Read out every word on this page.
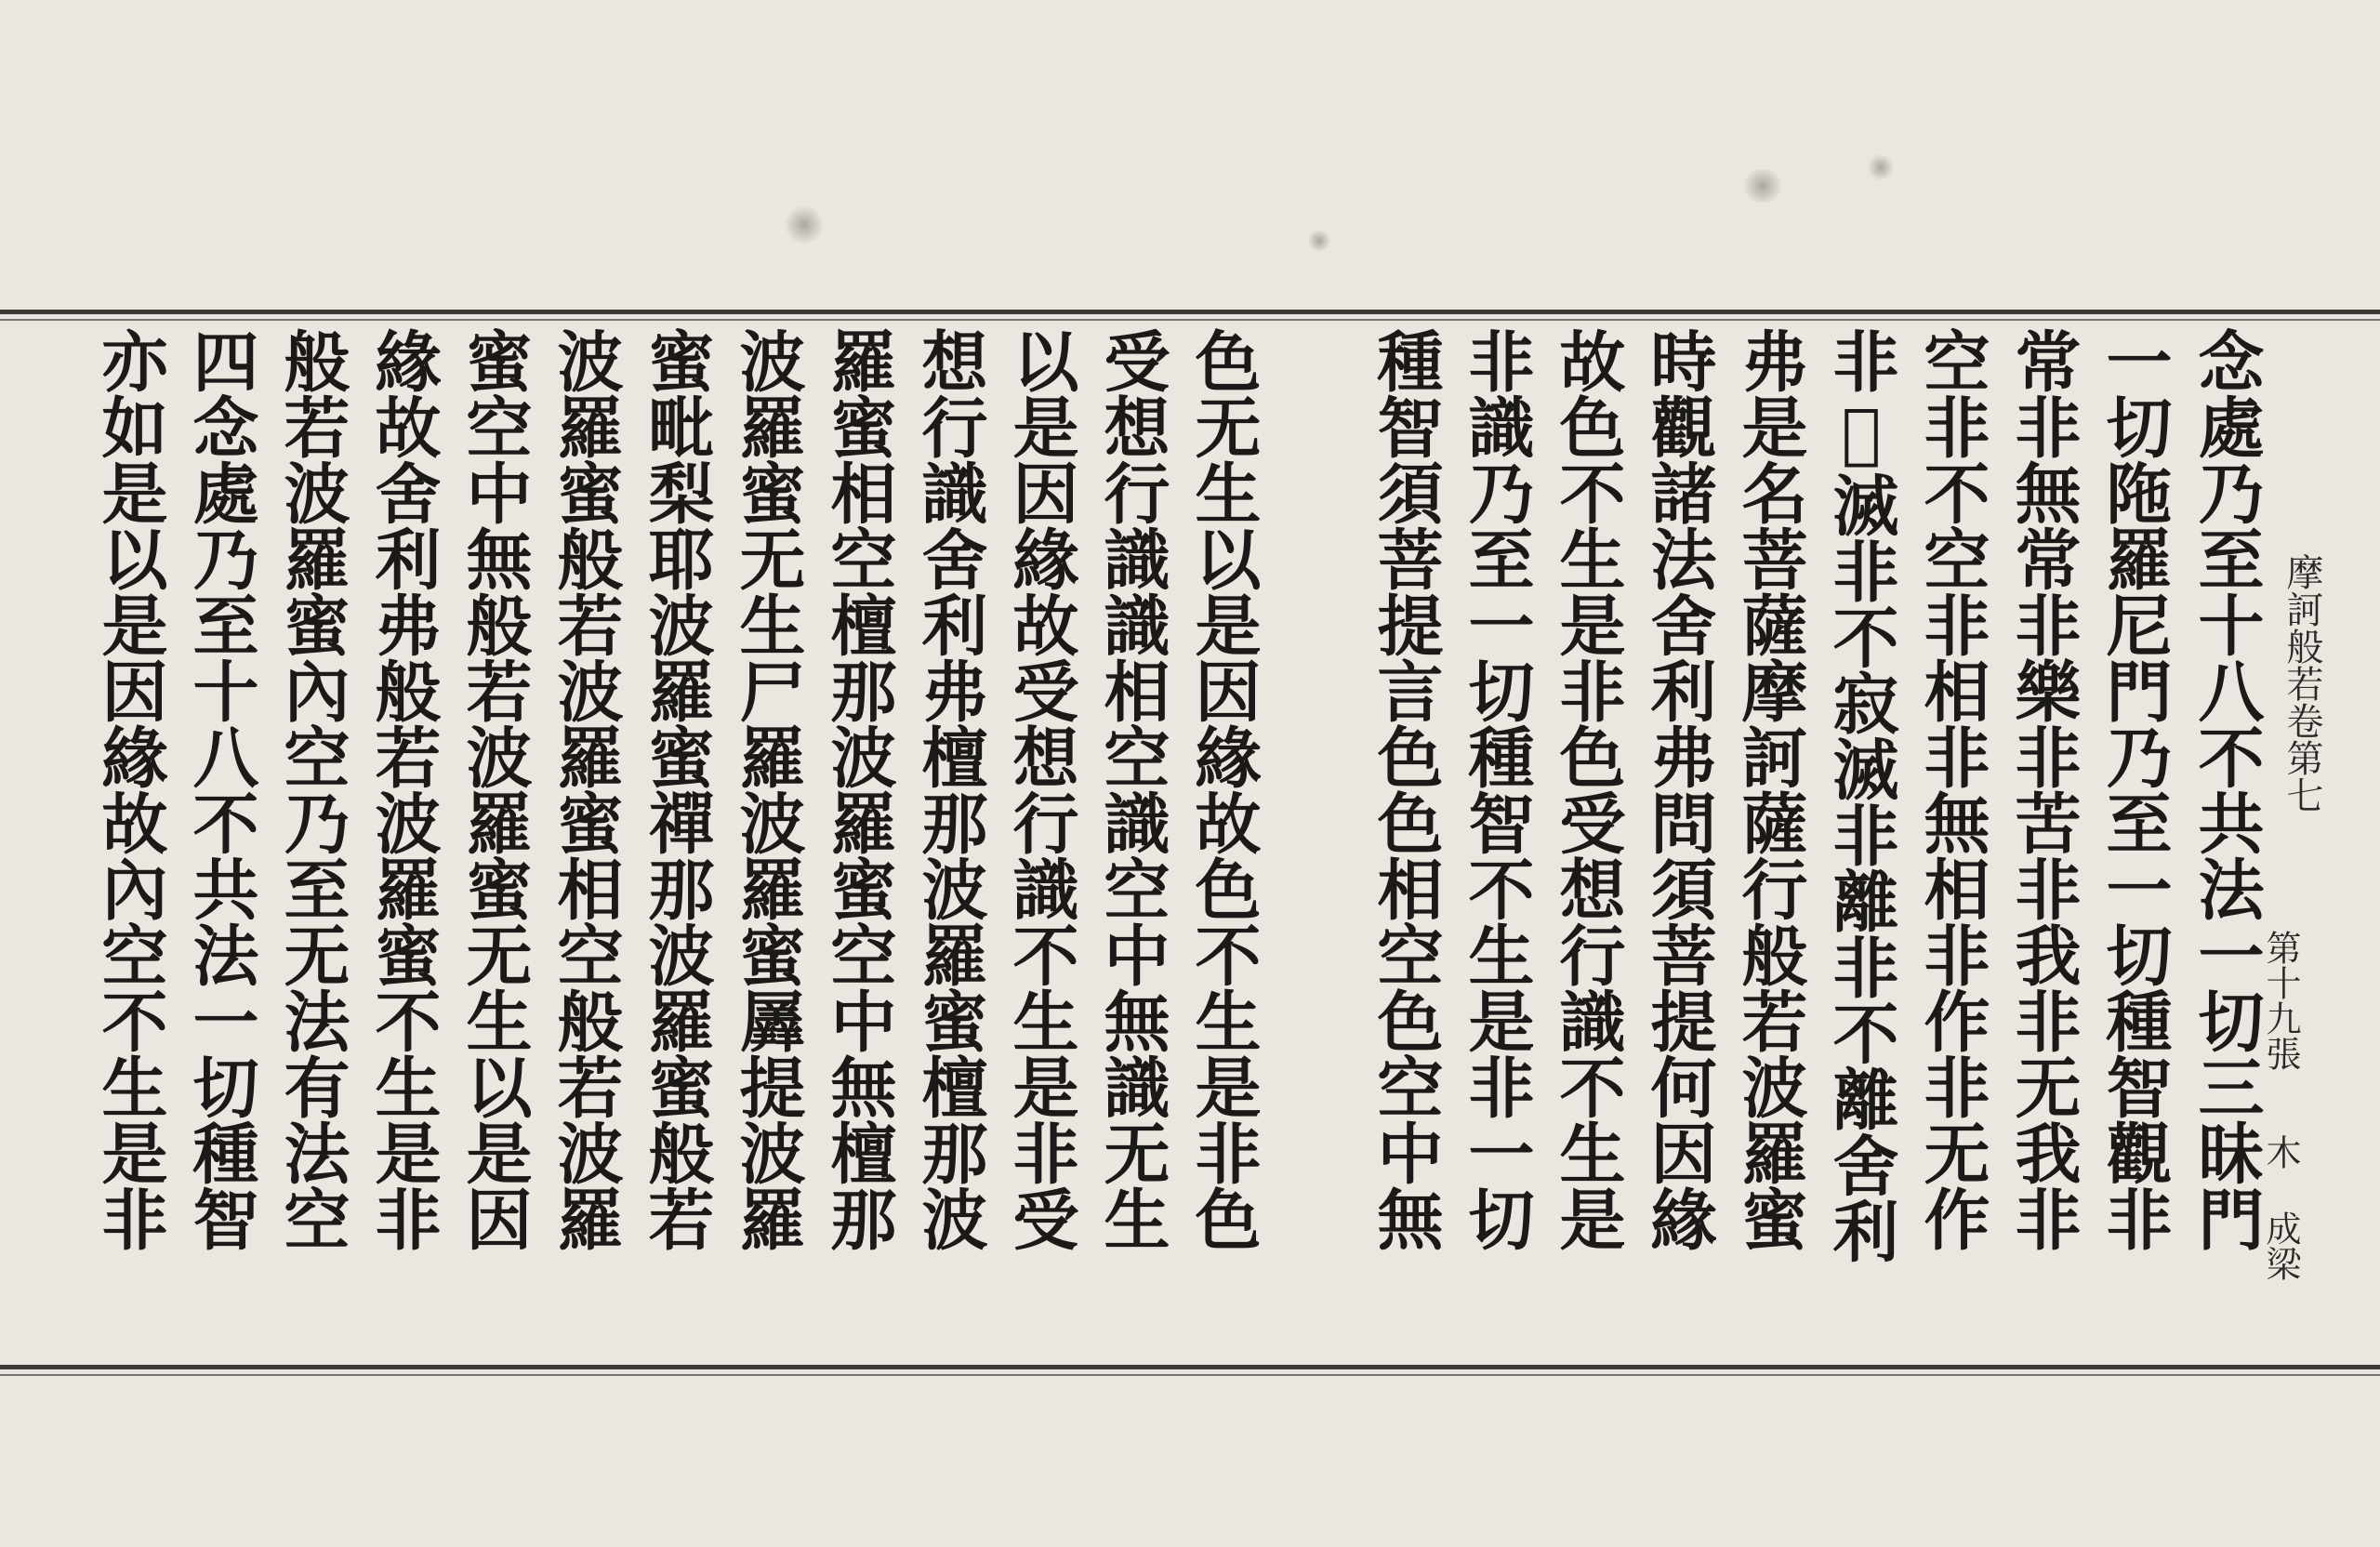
摩訶般若卷第七
第十九張
木 成梁
念處乃至十八不共法一切三昧門
一切陁羅尼門乃至一切種智觀非
常非無常非樂非苦非我非无我非
空非不空非相非無相非作非无作
非𥨊滅非不寂滅非離非不離舍利
弗是名菩薩摩訶薩行般若波羅蜜
時觀諸法舍利弗問須菩提何因緣
故色不生是非色受想行識不生是
非識乃至一切種智不生是非一切
種智須菩提言色色相空色空中無
色无生以是因緣故色不生是非色
受想行識識相空識空中無識无生
以是因緣故受想行識不生是非受
想行識舍利弗檀那波羅蜜檀那波
羅蜜相空檀那波羅蜜空中無檀那
波羅蜜无生尸羅波羅蜜羼提波羅
蜜毗梨耶波羅蜜禪那波羅蜜般若
波羅蜜般若波羅蜜相空般若波羅
蜜空中無般若波羅蜜无生以是因
緣故舍利弗般若波羅蜜不生是非
般若波羅蜜內空乃至无法有法空
四念處乃至十八不共法一切種智
亦如是以是因緣故內空不生是非
